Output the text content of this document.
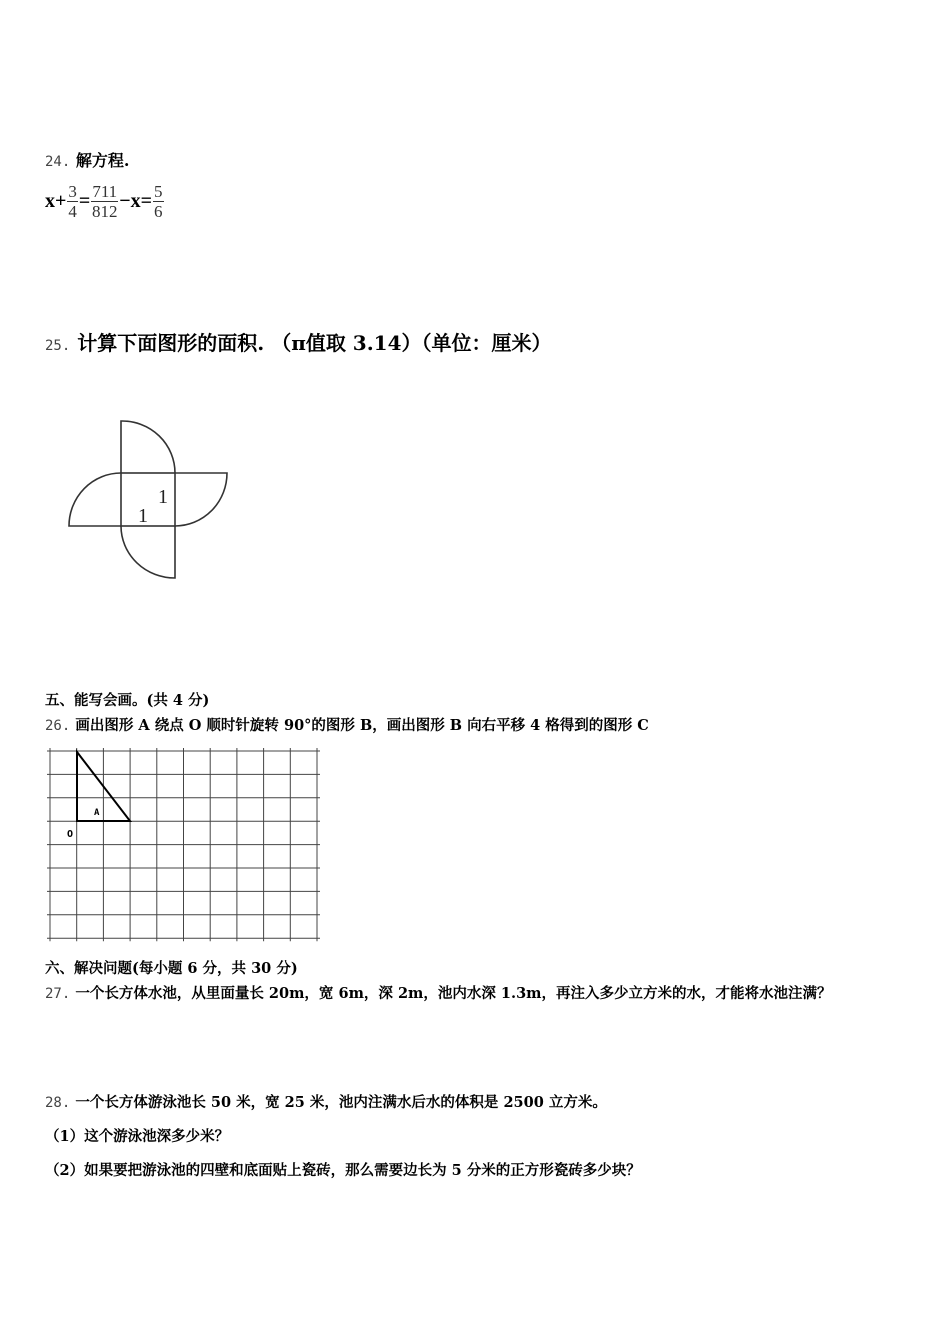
24. 解方程.
$x + \frac{3}{4} = \frac{711}{812} - x = \frac{5}{6}$
25. 计算下面图形的面积. （π值取 3.14）（单位：厘米）
1
1
五、能写会画。(共 4 分)
26. 画出图形 A 绕点 O 顺时针旋转 90°的图形 B，画出图形 B 向右平移 4 格得到的图形 C
A
O
六、解决问题(每小题 6 分，共 30 分)
27. 一个长方体水池，从里面量长 20m，宽 6m，深 2m，池内水深 1.3m，再注入多少立方米的水，才能将水池注满？
28. 一个长方体游泳池长 50 米，宽 25 米，池内注满水后水的体积是 2500 立方米。
（1）这个游泳池深多少米？
（2）如果要把游泳池的四壁和底面贴上瓷砖，那么需要边长为 5 分米的正方形瓷砖多少块？
